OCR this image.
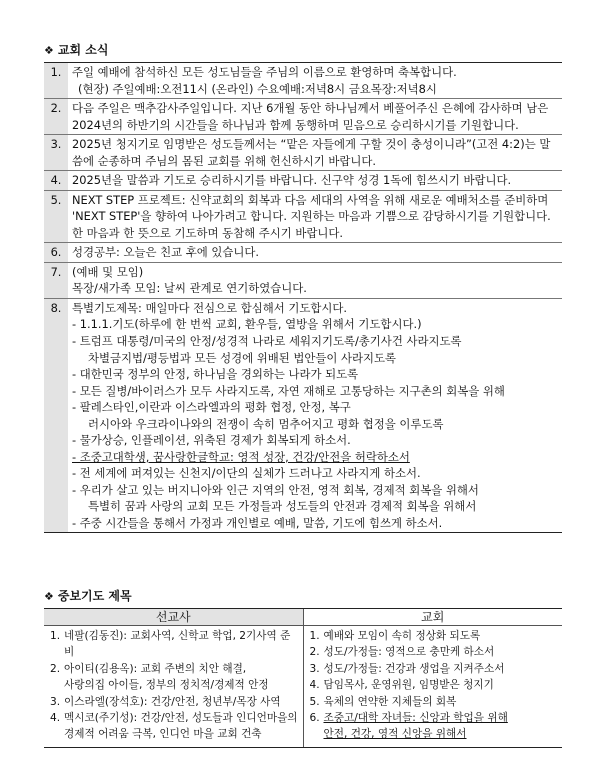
❖ 교회 소식
1. 주일 예배에 참석하신 모든 성도님들을 주님의 이름으로 환영하며 축복합니다.
(현장) 주일예배:오전11시 (온라인) 수요예배:저녁8시 금요목장:저녁8시
2. 다음 주일은 맥추감사주일입니다. 지난 6개월 동안 하나님께서 베풀어주신 은혜에 감사하며 남은 2024년의 하반기의 시간들을 하나님과 함께 동행하며 믿음으로 승리하시기를 기원합니다.
3. 2025년 청지기로 임명받은 성도들께서는 “맡은 자들에게 구할 것이 충성이니라”(고전 4:2)는 말씀에 순종하며 주님의 몸된 교회를 위해 헌신하시기 바랍니다.
4. 2025년을 말씀과 기도로 승리하시기를 바랍니다. 신구약 성경 1독에 힘쓰시기 바랍니다.
5. NEXT STEP 프로젝트: 신약교회의 회복과 다음 세대의 사역을 위해 새로운 예배처소를 준비하며 'NEXT STEP'을 향하여 나아가려고 합니다. 지원하는 마음과 기쁨으로 감당하시기를 기원합니다. 한 마음과 한 뜻으로 기도하며 동참해 주시기 바랍니다.
6. 성경공부: 오늘은 친교 후에 있습니다.
7. (예배 및 모임)
목장/새가족 모임: 날씨 관계로 연기하였습니다.
8. 특별기도제목: 매일마다 전심으로 합심해서 기도합시다.
- 1.1.1.기도(하루에 한 번씩 교회, 환우들, 열방을 위해서 기도합시다.)
- 트럼프 대통령/미국의 안정/성경적 나라로 세워지기도록/총기사건 사라지도록
차별금지법/평등법과 모든 성경에 위배된 법안들이 사라지도록
- 대한민국 정부의 안정, 하나님을 경외하는 나라가 되도록
- 모든 질병/바이러스가 모두 사라지도록, 자연 재해로 고통당하는 지구촌의 회복을 위해
- 팔레스타인,이란과 이스라엘과의 평화 협정, 안정, 복구
러시아와 우크라이나와의 전쟁이 속히 멈추어지고 평화 협정을 이루도록
- 물가상승, 인플레이션, 위축된 경제가 회복되게 하소서.
- 조중고대학생, 꿈사랑한글학교: 영적 성장, 건강/안전을 허락하소서
- 전 세계에 퍼져있는 신천지/이단의 실체가 드러나고 사라지게 하소서.
- 우리가 살고 있는 버지니아와 인근 지역의 안전, 영적 회복, 경제적 회복을 위해서
특별히 꿈과 사랑의 교회 모든 가정들과 성도들의 안전과 경제적 회복을 위해서
- 주중 시간들을 통해서 가정과 개인별로 예배, 말씀, 기도에 힘쓰게 하소서.
❖ 중보기도 제목
선교사	교회
1. 네팔(김동진): 교회사역, 신학교 학업, 2기사역 준비
2. 아이티(김용옥): 교회 주변의 치안 해결,
사랑의집 아이들, 정부의 정치적/경제적 안정
3. 이스라엘(장석호): 건강/안전, 청년부/목장 사역
4. 멕시코(주기성): 건강/안전, 성도들과 인디언마을의
경제적 어려움 극복, 인디언 마을 교회 건축
1. 예배와 모임이 속히 정상화 되도록
2. 성도/가정들: 영적으로 충만케 하소서
3. 성도/가정들: 건강과 생업을 지켜주소서
4. 담임목사, 운영위원, 임명받은 청지기
5. 육체의 연약한 지체들의 회복
6. 조중고/대학 자녀들: 신앙과 학업을 위해
안전, 건강, 영적 신앙을 위해서
